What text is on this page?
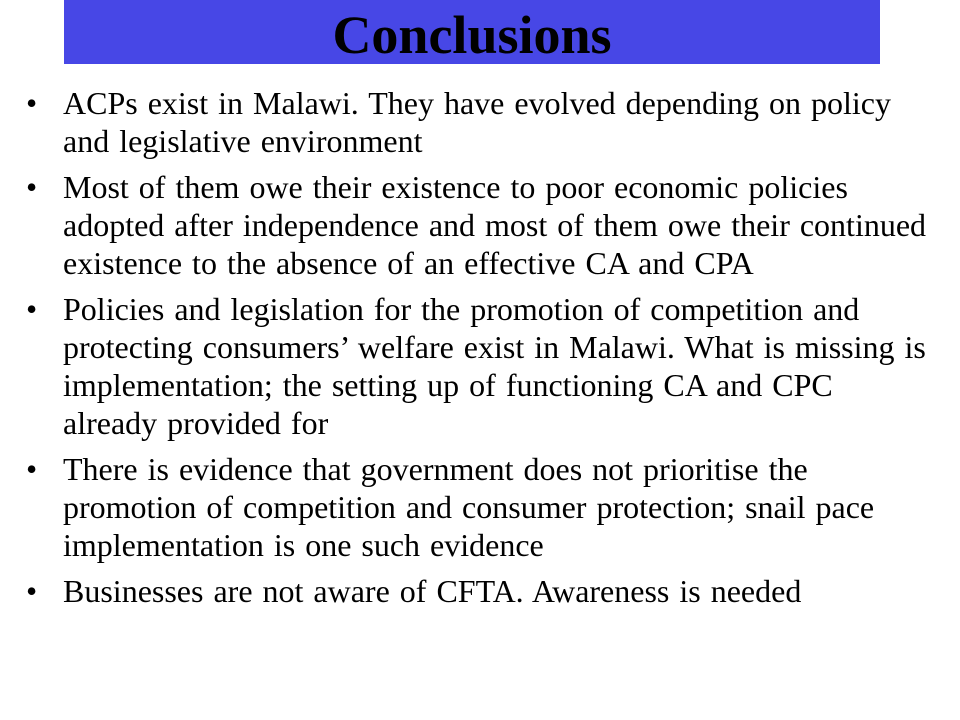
Conclusions
• ACPs exist in Malawi. They have evolved depending on policy and legislative environment
• Most of them owe their existence to poor economic policies adopted after independence and most of them owe their continued existence to the absence of an effective CA and CPA
• Policies and legislation for the promotion of competition and protecting consumers’ welfare exist in Malawi. What is missing is implementation; the setting up of functioning CA and CPC already provided for
• There is evidence that government does not prioritise the promotion of competition and consumer protection; snail pace implementation is one such evidence
• Businesses are not aware of CFTA. Awareness is needed
